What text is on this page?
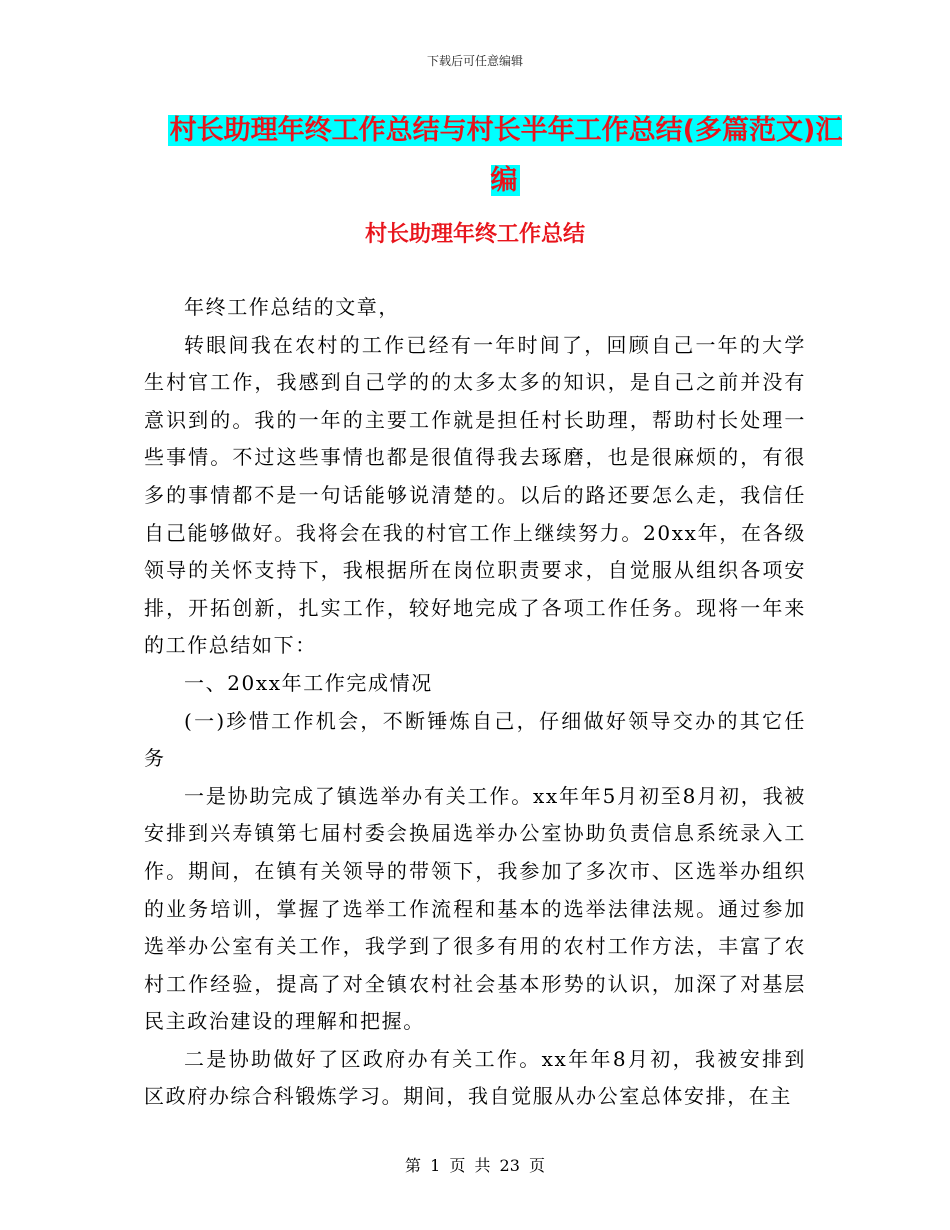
下载后可任意编辑
村长助理年终工作总结与村长半年工作总结(多篇范文)汇编
村长助理年终工作总结

年终工作总结的文章，

转眼间我在农村的工作已经有一年时间了，回顾自己一年的大学生村官工作，我感到自己学的的太多太多的知识，是自己之前并没有意识到的。我的一年的主要工作就是担任村长助理，帮助村长处理一些事情。不过这些事情也都是很值得我去琢磨，也是很麻烦的，有很多的事情都不是一句话能够说清楚的。以后的路还要怎么走，我信任自己能够做好。我将会在我的村官工作上继续努力。20xx年，在各级领导的关怀支持下，我根据所在岗位职责要求，自觉服从组织各项安排，开拓创新，扎实工作，较好地完成了各项工作任务。现将一年来的工作总结如下：

一、20xx年工作完成情况

(一)珍惜工作机会，不断锤炼自己，仔细做好领导交办的其它任务

一是协助完成了镇选举办有关工作。xx年年5月初至8月初，我被安排到兴寿镇第七届村委会换届选举办公室协助负责信息系统录入工作。期间，在镇有关领导的带领下，我参加了多次市、区选举办组织的业务培训，掌握了选举工作流程和基本的选举法律法规。通过参加选举办公室有关工作，我学到了很多有用的农村工作方法，丰富了农村工作经验，提高了对全镇农村社会基本形势的认识，加深了对基层民主政治建设的理解和把握。

二是协助做好了区政府办有关工作。xx年年8月初，我被安排到区政府办综合科锻炼学习。期间，我自觉服从办公室总体安排，在主

第 1 页 共 23 页
